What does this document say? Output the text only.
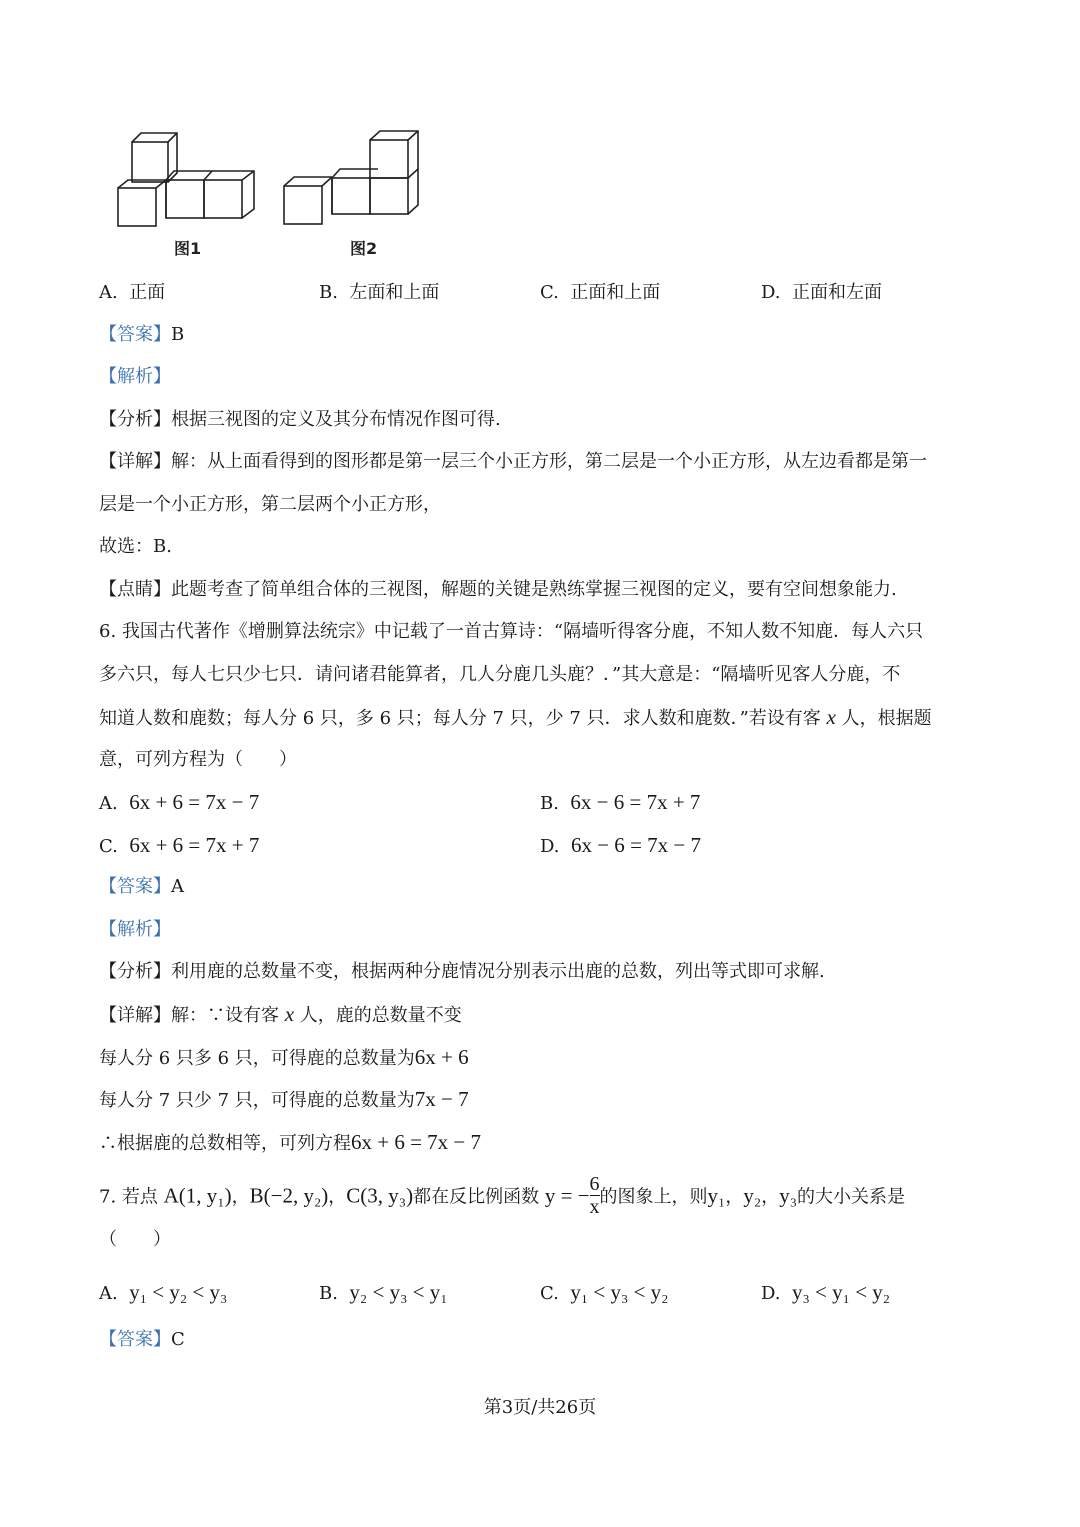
图1	图2
A. 正面	B. 左面和上面	C. 正面和上面	D. 正面和左面
【答案】B
【解析】
【分析】根据三视图的定义及其分布情况作图可得.
【详解】解：从上面看得到的图形都是第一层三个小正方形，第二层是一个小正方形，从左边看都是第一
层是一个小正方形，第二层两个小正方形，
故选：B.
【点睛】此题考查了简单组合体的三视图，解题的关键是熟练掌握三视图的定义，要有空间想象能力.
6. 我国古代著作《增删算法统宗》中记载了一首古算诗：“隔墙听得客分鹿，不知人数不知鹿．每人六只
多六只，每人七只少七只．请问诸君能算者，几人分鹿几头鹿？．”其大意是：“隔墙听见客人分鹿，不
知道人数和鹿数；每人分 6 只，多 6 只；每人分 7 只，少 7 只．求人数和鹿数．”若设有客 x 人，根据题
意，可列方程为（　　）
A. 6x + 6 = 7x − 7	B. 6x − 6 = 7x + 7
C. 6x + 6 = 7x + 7	D. 6x − 6 = 7x − 7
【答案】A
【解析】
【分析】利用鹿的总数量不变，根据两种分鹿情况分别表示出鹿的总数，列出等式即可求解.
【详解】解：∵设有客 x 人，鹿的总数量不变
每人分 6 只多 6 只，可得鹿的总数量为6x + 6
每人分 7 只少 7 只，可得鹿的总数量为7x − 7
∴根据鹿的总数相等，可列方程6x + 6 = 7x − 7
7. 若点 A(1, y₁)，B(−2, y₂)，C(3, y₃)都在反比例函数 y = − $\frac{6}{x}$ 的图象上，则y₁，y₂，y₃的大小关系是
（　　）
A. y₁ < y₂ < y₃	B. y₂ < y₃ < y₁	C. y₁ < y₃ < y₂	D. y₃ < y₁ < y₂
【答案】C
第3页/共26页
